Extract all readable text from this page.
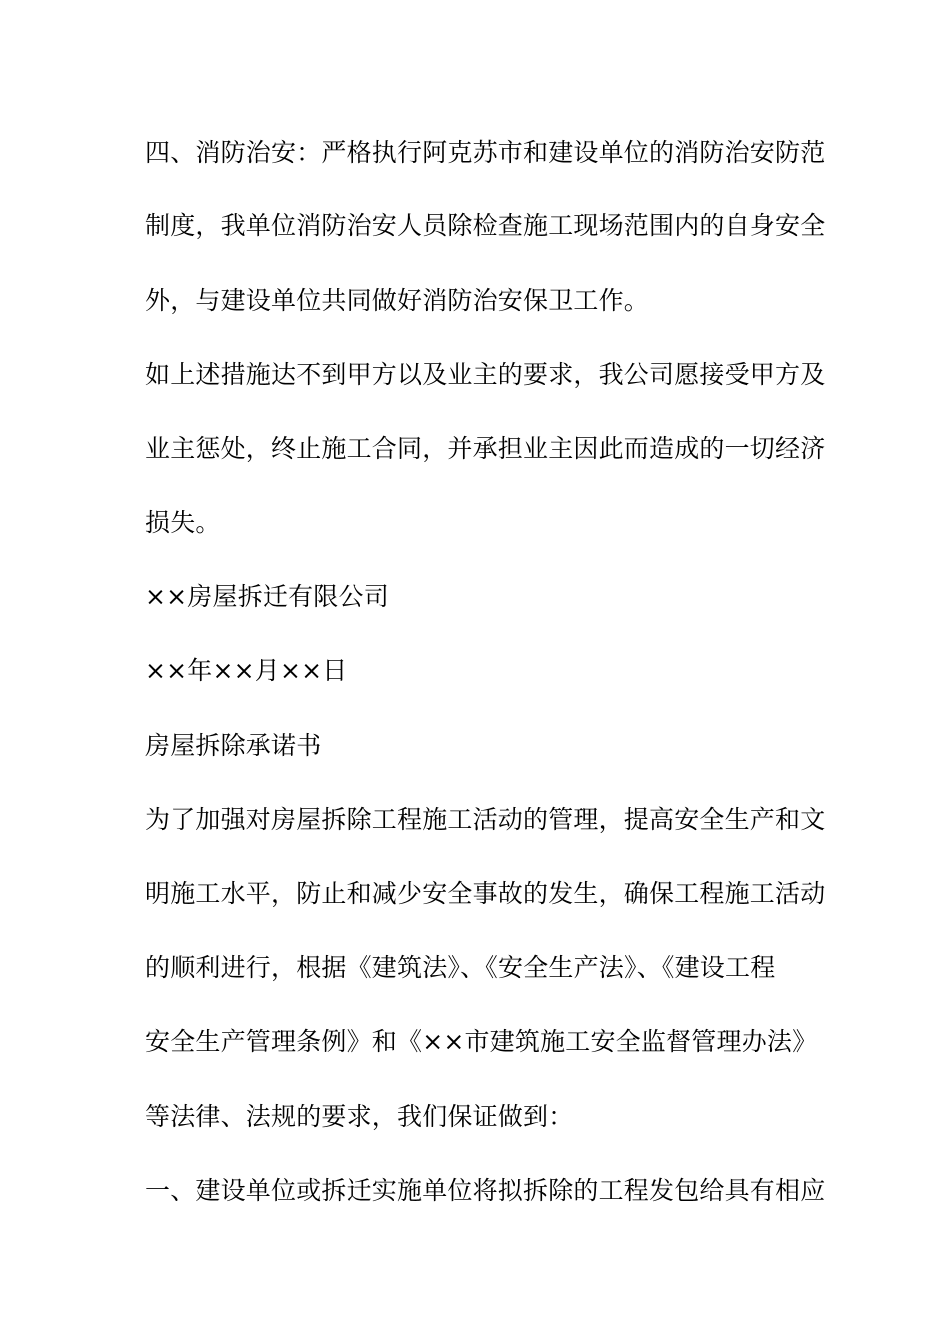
四、消防治安：严格执行阿克苏市和建设单位的消防治安防范
制度，我单位消防治安人员除检查施工现场范围内的自身安全
外，与建设单位共同做好消防治安保卫工作。
如上述措施达不到甲方以及业主的要求，我公司愿接受甲方及
业主惩处，终止施工合同，并承担业主因此而造成的一切经济
损失。
××房屋拆迁有限公司
××年××月××日
房屋拆除承诺书
为了加强对房屋拆除工程施工活动的管理，提高安全生产和文
明施工水平，防止和减少安全事故的发生，确保工程施工活动
的顺利进行，根据《建筑法》、《安全生产法》、《建设工程
安全生产管理条例》和《××市建筑施工安全监督管理办法》
等法律、法规的要求，我们保证做到：
一、建设单位或拆迁实施单位将拟拆除的工程发包给具有相应
